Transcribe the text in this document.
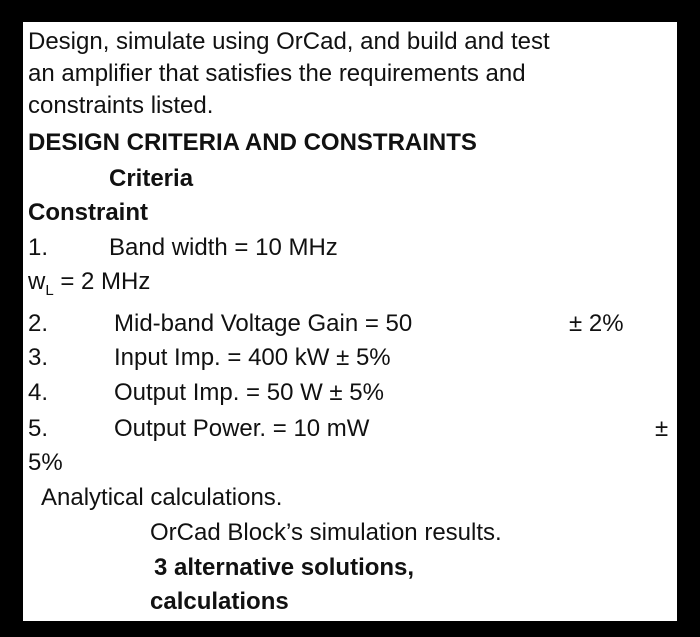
Design, simulate using OrCad, and build and test
an amplifier that satisfies the requirements and
constraints listed.
DESIGN CRITERIA AND CONSTRAINTS
Criteria
Constraint
1.	Band width = 10 MHz
$w_L = 2$ MHz
2.	Mid-band Voltage Gain = 50	± 2%
3.	Input Imp. = 400 kW ± 5%
4.	Output Imp. = 50 W ± 5%
5.	Output Power. = 10 mW	±
5%
Analytical calculations.
OrCad Block’s simulation results.
3 alternative solutions,
calculations
